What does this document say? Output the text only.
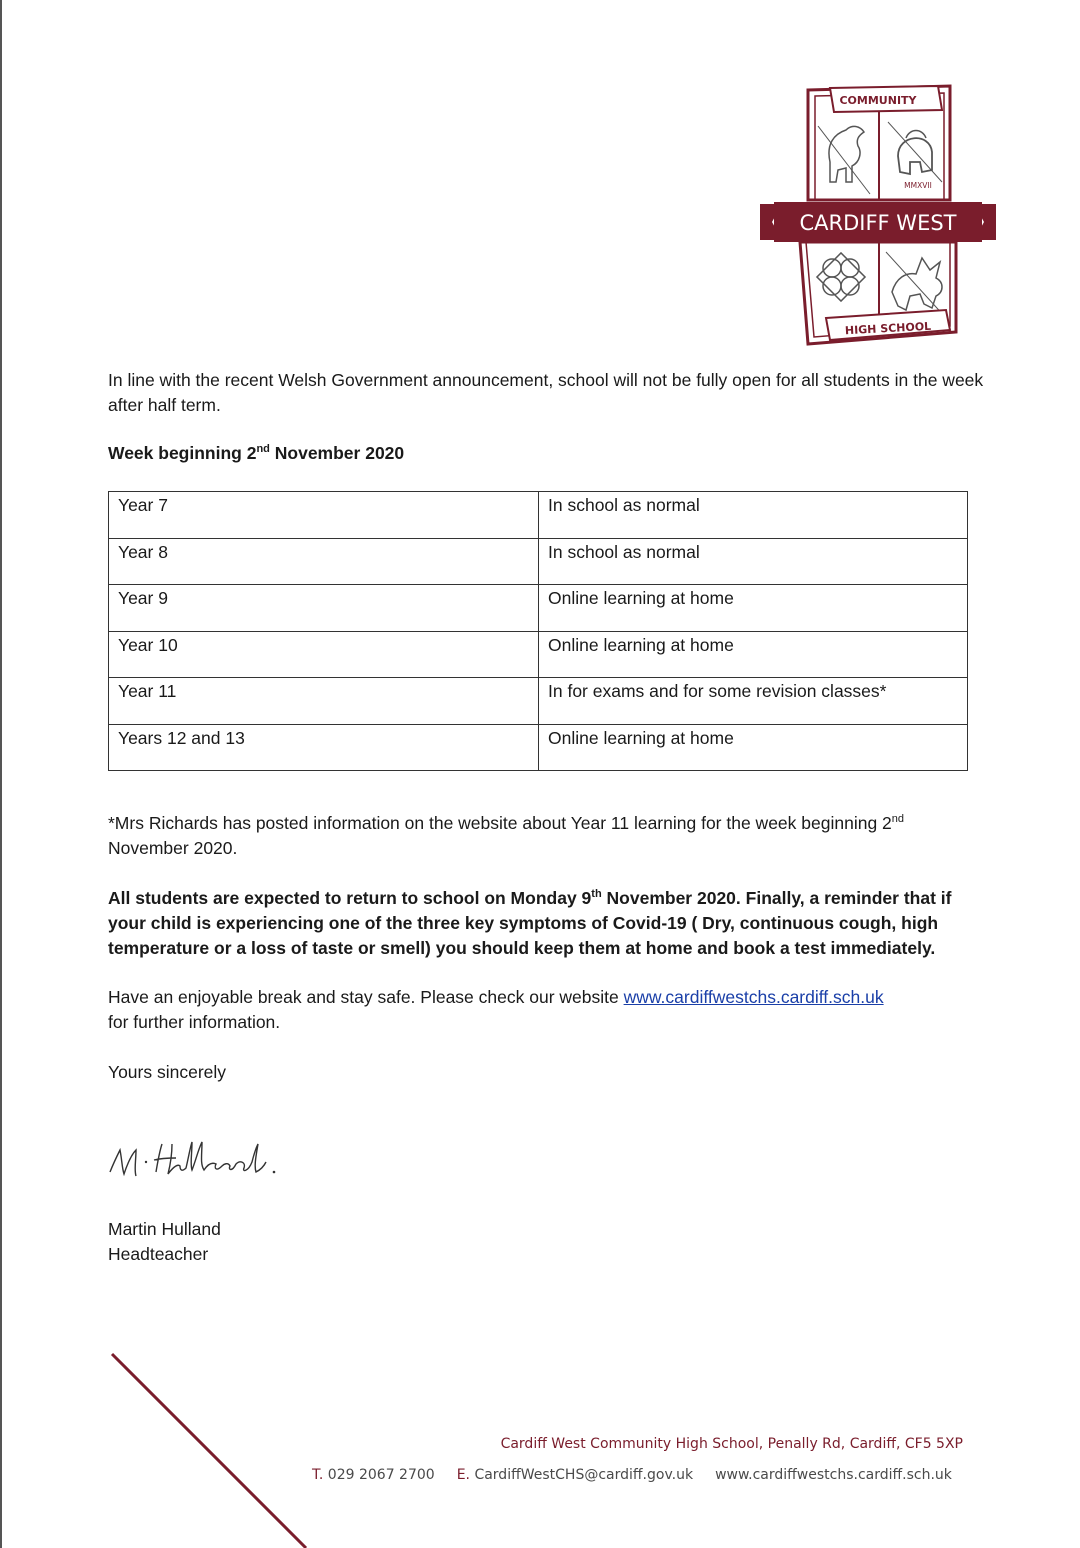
COMMUNITY
MMXVII
CARDIFF WEST
HIGH SCHOOL
In line with the recent Welsh Government announcement, school will not be fully open for all students in the week after half term.
Week beginning 2nd November 2020
Year 7	In school as normal
Year 8	In school as normal
Year 9	Online learning at home
Year 10	Online learning at home
Year 11	In for exams and for some revision classes*
Years 12 and 13	Online learning at home
*Mrs Richards has posted information on the website about Year 11 learning for the week beginning 2nd November 2020.
All students are expected to return to school on Monday 9th November 2020. Finally, a reminder that if your child is experiencing one of the three key symptoms of Covid-19 ( Dry, continuous cough, high temperature or a loss of taste or smell) you should keep them at home and book a test immediately.
Have an enjoyable break and stay safe. Please check our website www.cardiffwestchs.cardiff.sch.uk
for further information.
Yours sincerely
Martin Hulland
Headteacher
Cardiff West Community High School, Penally Rd, Cardiff, CF5 5XP
T. 029 2067 2700 E. CardiffWestCHS@cardiff.gov.uk www.cardiffwestchs.cardiff.sch.uk
